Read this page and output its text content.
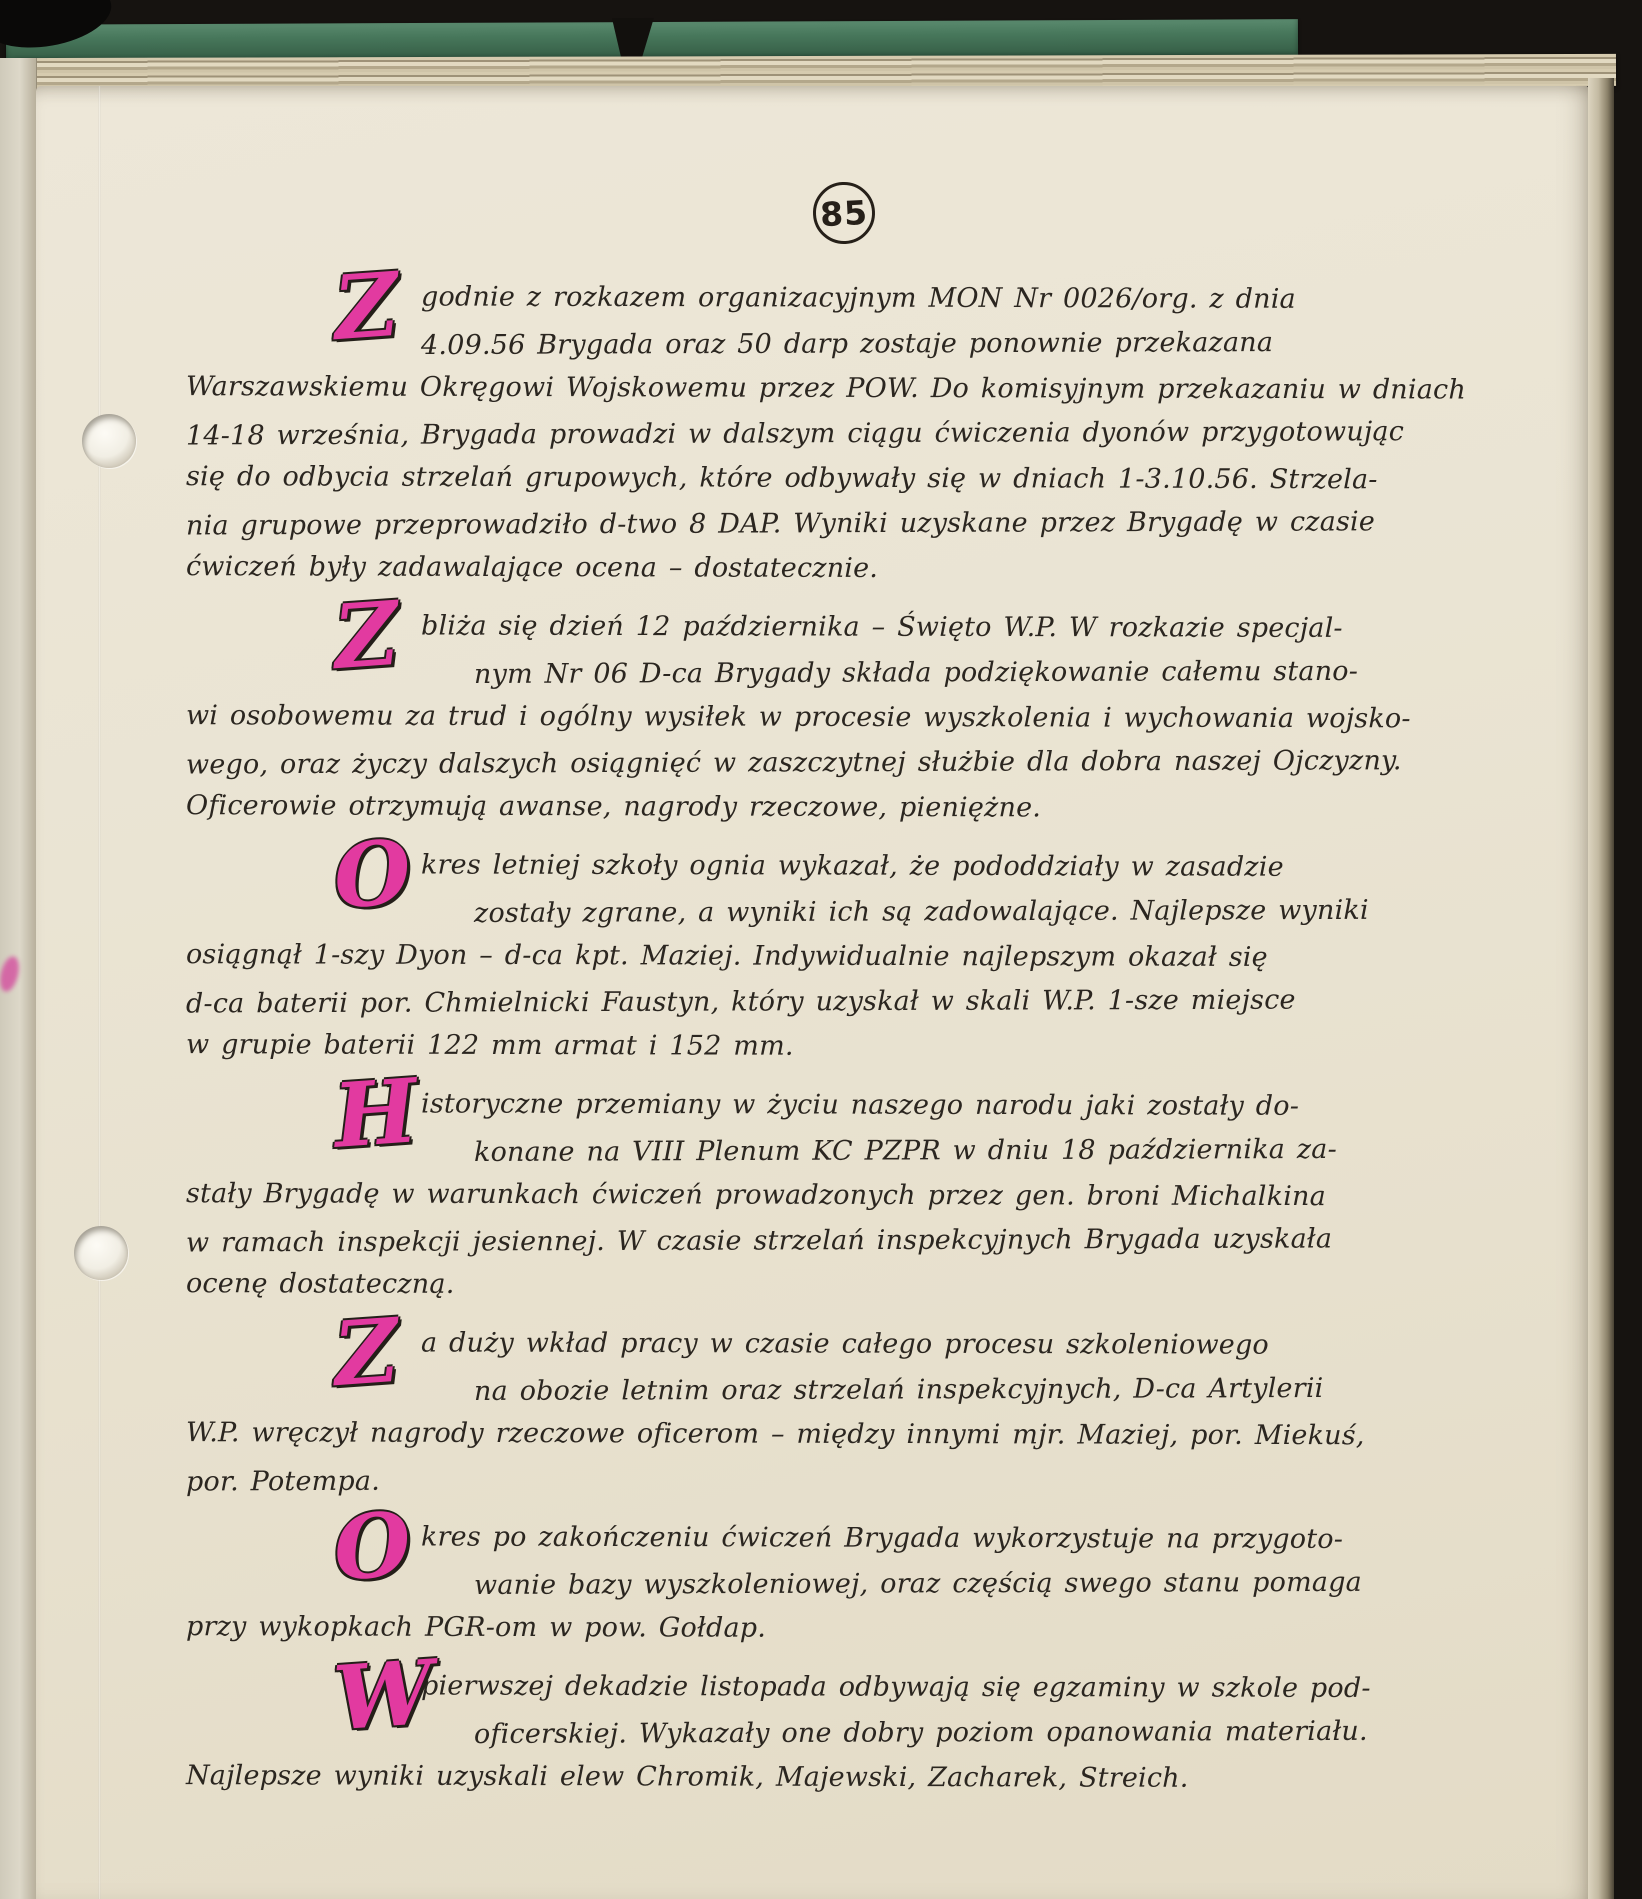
85
Z godnie z rozkazem organizacyjnym MON Nr 0026/org. z dnia
4.09.56 Brygada oraz 50 darp zostaje ponownie przekazana
Warszawskiemu Okręgowi Wojskowemu przez POW. Do komisyjnym przekazaniu w dniach
14-18 września, Brygada prowadzi w dalszym ciągu ćwiczenia dyonów przygotowując
się do odbycia strzelań grupowych, które odbywały się w dniach 1-3.10.56. Strzela-
nia grupowe przeprowadziło d-two 8 DAP. Wyniki uzyskane przez Brygadę w czasie
ćwiczeń były zadawalające ocena – dostatecznie.
Z bliża się dzień 12 października – Święto W.P. W rozkazie specjal-
nym Nr 06 D-ca Brygady składa podziękowanie całemu stano-
wi osobowemu za trud i ogólny wysiłek w procesie wyszkolenia i wychowania wojsko-
wego, oraz życzy dalszych osiągnięć w zaszczytnej służbie dla dobra naszej Ojczyzny.
Oficerowie otrzymują awanse, nagrody rzeczowe, pieniężne.
O kres letniej szkoły ognia wykazał, że pododdziały w zasadzie
zostały zgrane, a wyniki ich są zadowalające. Najlepsze wyniki
osiągnął 1-szy Dyon – d-ca kpt. Maziej. Indywidualnie najlepszym okazał się
d-ca baterii por. Chmielnicki Faustyn, który uzyskał w skali W.P. 1-sze miejsce
w grupie baterii 122 mm armat i 152 mm.
H istoryczne przemiany w życiu naszego narodu jaki zostały do-
konane na VIII Plenum KC PZPR w dniu 18 października za-
stały Brygadę w warunkach ćwiczeń prowadzonych przez gen. broni Michalkina
w ramach inspekcji jesiennej. W czasie strzelań inspekcyjnych Brygada uzyskała
ocenę dostateczną.
Z a duży wkład pracy w czasie całego procesu szkoleniowego
na obozie letnim oraz strzelań inspekcyjnych, D-ca Artylerii
W.P. wręczył nagrody rzeczowe oficerom – między innymi mjr. Maziej, por. Miekuś,
por. Potempa.
O kres po zakończeniu ćwiczeń Brygada wykorzystuje na przygoto-
wanie bazy wyszkoleniowej, oraz częścią swego stanu pomaga
przy wykopkach PGR-om w pow. Gołdap.
W
pierwszej dekadzie listopada odbywają się egzaminy w szkole pod-
oficerskiej. Wykazały one dobry poziom opanowania materiału.
Najlepsze wyniki uzyskali elew Chromik, Majewski, Zacharek, Streich.
